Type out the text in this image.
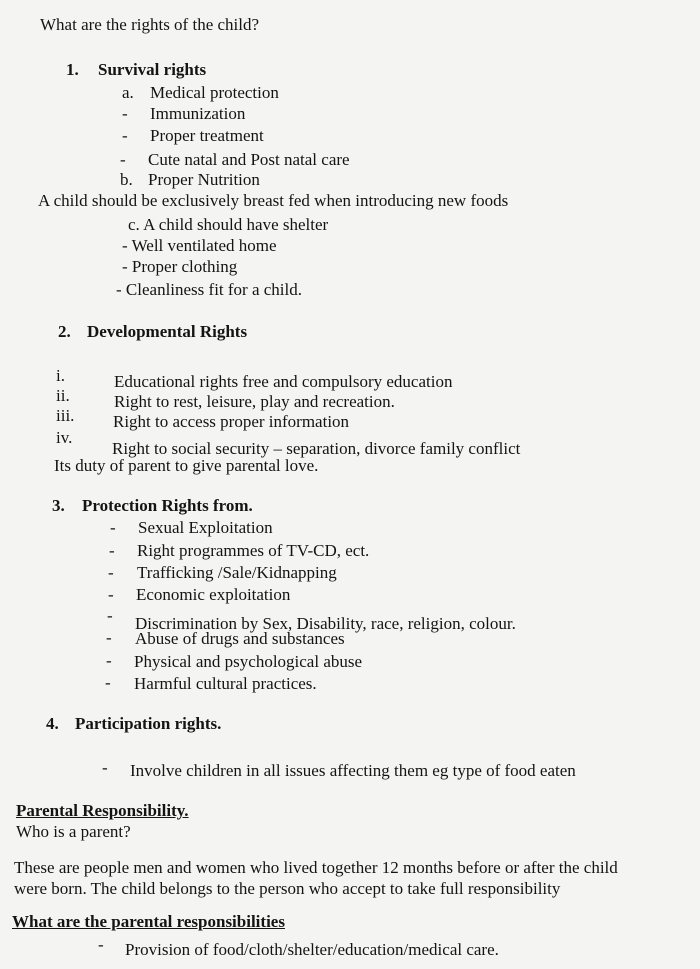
What are the rights of the child?
1. Survival rights
a. Medical protection
- Immunization
- Proper treatment
- Cute natal and Post natal care
b. Proper Nutrition
A child should be exclusively breast fed when introducing new foods
c. A child should have shelter
- Well ventilated home
- Proper clothing
- Cleanliness fit for a child.
2. Developmental Rights
i.	Educational rights free and compulsory education
ii.	Right to rest, leisure, play and recreation.
iii. Right to access proper information
iv.
Right to social security – separation, divorce family conflict
Its duty of parent to give parental love.
3. Protection Rights from.
- Sexual Exploitation
- Right programmes of TV-CD, ect.
- Trafficking /Sale/Kidnapping
- Economic exploitation
- Discrimination by Sex, Disability, race, religion, colour.
- Abuse of drugs and substances
- Physical and psychological abuse
- Harmful cultural practices.
4. Participation rights.
- Involve children in all issues affecting them eg type of food eaten
Parental Responsibility.
Who is a parent?
These are people men and women who lived together 12 months before or after the child
were born. The child belongs to the person who accept to take full responsibility
What are the parental responsibilities
- Provision of food/cloth/shelter/education/medical care.
